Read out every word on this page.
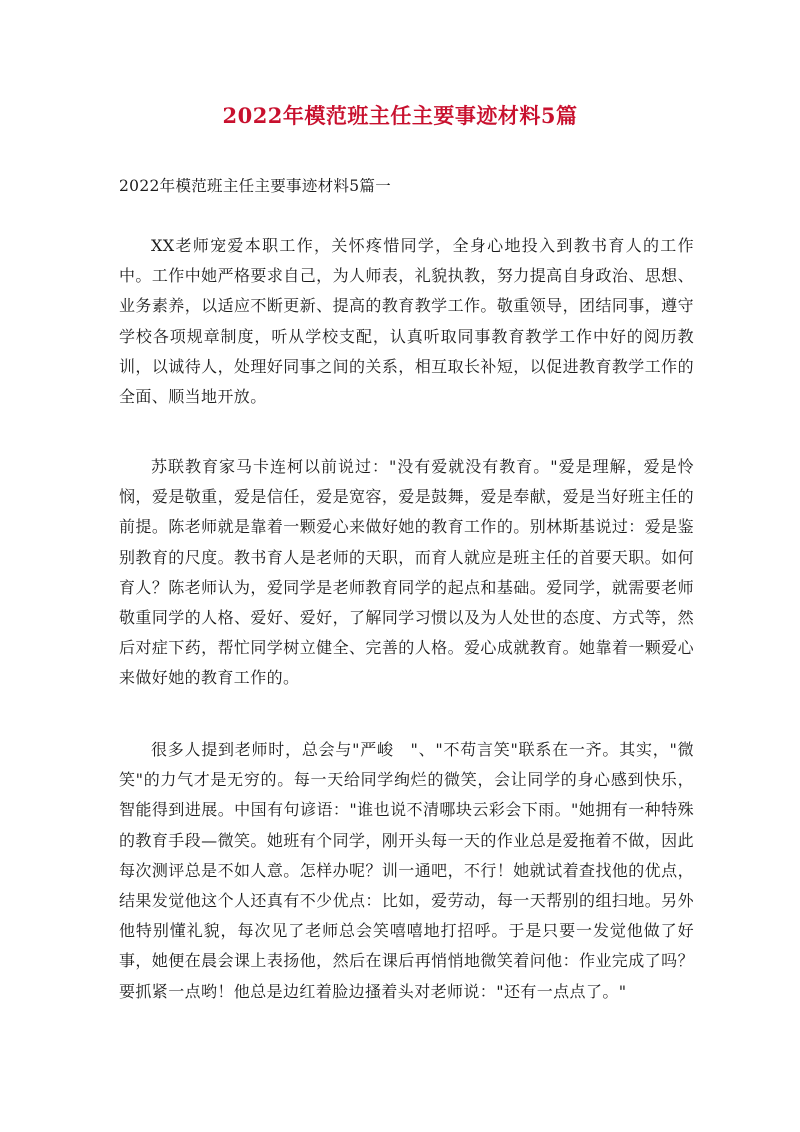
2022年模范班主任主要事迹材料5篇

2022年模范班主任主要事迹材料5篇一

XX老师宠爱本职工作，关怀疼惜同学，全身心地投入到教书育人的工作中。工作中她严格要求自己，为人师表，礼貌执教，努力提高自身政治、思想、业务素养，以适应不断更新、提高的教育教学工作。敬重领导，团结同事，遵守学校各项规章制度，听从学校支配，认真听取同事教育教学工作中好的阅历教训，以诚待人，处理好同事之间的关系，相互取长补短，以促进教育教学工作的全面、顺当地开放。

苏联教育家马卡连柯以前说过："没有爱就没有教育。"爱是理解，爱是怜悯，爱是敬重，爱是信任，爱是宽容，爱是鼓舞，爱是奉献，爱是当好班主任的前提。陈老师就是靠着一颗爱心来做好她的教育工作的。别林斯基说过：爱是鉴别教育的尺度。教书育人是老师的天职，而育人就应是班主任的首要天职。如何育人？陈老师认为，爱同学是老师教育同学的起点和基础。爱同学，就需要老师敬重同学的人格、爱好、爱好，了解同学习惯以及为人处世的态度、方式等，然后对症下药，帮忙同学树立健全、完善的人格。爱心成就教育。她靠着一颗爱心来做好她的教育工作的。

很多人提到老师时，总会与"严峻　"、"不苟言笑"联系在一齐。其实，"微笑"的力气才是无穷的。每一天给同学绚烂的微笑，会让同学的身心感到快乐，智能得到进展。中国有句谚语："谁也说不清哪块云彩会下雨。"她拥有一种特殊的教育手段—微笑。她班有个同学，刚开头每一天的作业总是爱拖着不做，因此每次测评总是不如人意。怎样办呢？训一通吧，不行！她就试着查找他的优点，结果发觉他这个人还真有不少优点：比如，爱劳动，每一天帮别的组扫地。另外他特别懂礼貌，每次见了老师总会笑嘻嘻地打招呼。于是只要一发觉他做了好事，她便在晨会课上表扬他，然后在课后再悄悄地微笑着问他：作业完成了吗？要抓紧一点哟！他总是边红着脸边搔着头对老师说："还有一点点了。"
